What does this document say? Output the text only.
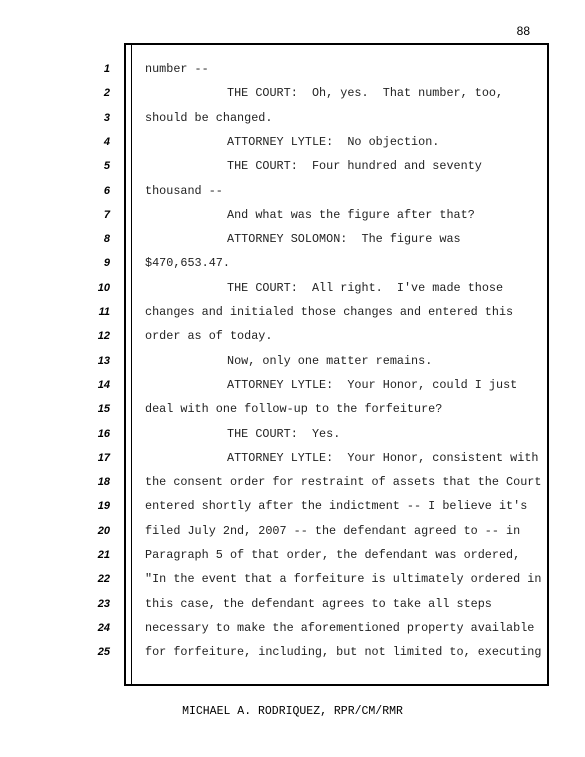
88
1	number --
2	THE COURT:  Oh, yes.  That number, too,
3	should be changed.
4	ATTORNEY LYTLE:  No objection.
5	THE COURT:  Four hundred and seventy
6	thousand --
7	And what was the figure after that?
8	ATTORNEY SOLOMON:  The figure was
9	$470,653.47.
10	THE COURT:  All right.  I've made those
11	changes and initialed those changes and entered this
12	order as of today.
13	Now, only one matter remains.
14	ATTORNEY LYTLE:  Your Honor, could I just
15	deal with one follow-up to the forfeiture?
16	THE COURT:  Yes.
17	ATTORNEY LYTLE:  Your Honor, consistent with
18	the consent order for restraint of assets that the Court
19	entered shortly after the indictment -- I believe it's
20	filed July 2nd, 2007 -- the defendant agreed to -- in
21	Paragraph 5 of that order, the defendant was ordered,
22	"In the event that a forfeiture is ultimately ordered in
23	this case, the defendant agrees to take all steps
24	necessary to make the aforementioned property available
25	for forfeiture, including, but not limited to, executing
MICHAEL A. RODRIQUEZ, RPR/CM/RMR
